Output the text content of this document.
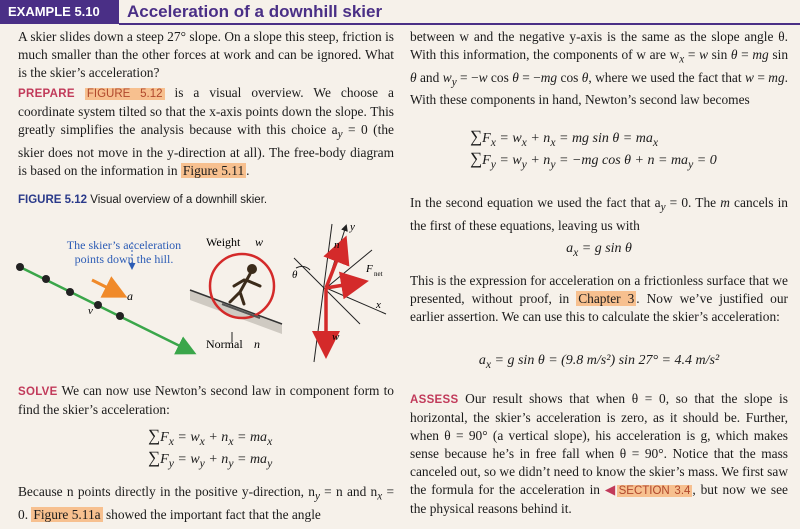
EXAMPLE 5.10	Acceleration of a downhill skier

A skier slides down a steep 27° slope. On a slope this steep, friction is much smaller than the other forces at work and can be ignored. What is the skier’s acceleration?

PREPARE FIGURE 5.12 is a visual overview. We choose a coordinate system tilted so that the x-axis points down the slope. This greatly simplifies the analysis because with this choice $a_y = 0$ (the skier does not move in the y-direction at all). The free-body diagram is based on the information in Figure 5.11 .

FIGURE 5.12 Visual overview of a downhill skier.
The skier’s acceleration points down the hill.
a
v
Weight w
Normal n
y
x
θ
n
w
F net

SOLVE We can now use Newton’s second law in component form to find the skier’s acceleration:

$\sum F_x = w_x + n_x = ma_x$
$\sum F_y = w_y + n_y = ma_y$

Because n points directly in the positive y-direction, $n_y = n$ and $n_x = 0$. Figure 5.11a showed the important fact that the angle

between w and the negative y-axis is the same as the slope angle θ. With this information, the components of w are $w_x = w$ sin θ = mg sin θ and $w_y = -w$ cos θ = −mg cos θ, where we used the fact that w = mg. With these components in hand, Newton’s second law becomes

$\sum F_x = w_x + n_x$ = mg $\sin \theta = ma_x$
$\sum F_y = w_y + n_y = -mg$ $\cos \theta + n = ma_y = 0$

In the second equation we used the fact that $a_y = 0$. The m cancels in the first of these equations, leaving us with

$a_x = g$ sin θ

This is the expression for acceleration on a frictionless surface that we presented, without proof, in Chapter 3 . Now we’ve justified our earlier assertion. We can use this to calculate the skier’s acceleration:

$a_x = g$ sin θ = (9.8 m/s²) sin 27° = 4.4 m/s²

ASSESS Our result shows that when θ = 0, so that the slope is horizontal, the skier’s acceleration is zero, as it should be. Further, when θ = 90° (a vertical slope), his acceleration is g, which makes sense because he’s in free fall when θ = 90°. Notice that the mass canceled out, so we didn’t need to know the skier’s mass. We first saw the formula for the acceleration in ◀ SECTION 3.4 , but now we see the physical reasons behind it.
